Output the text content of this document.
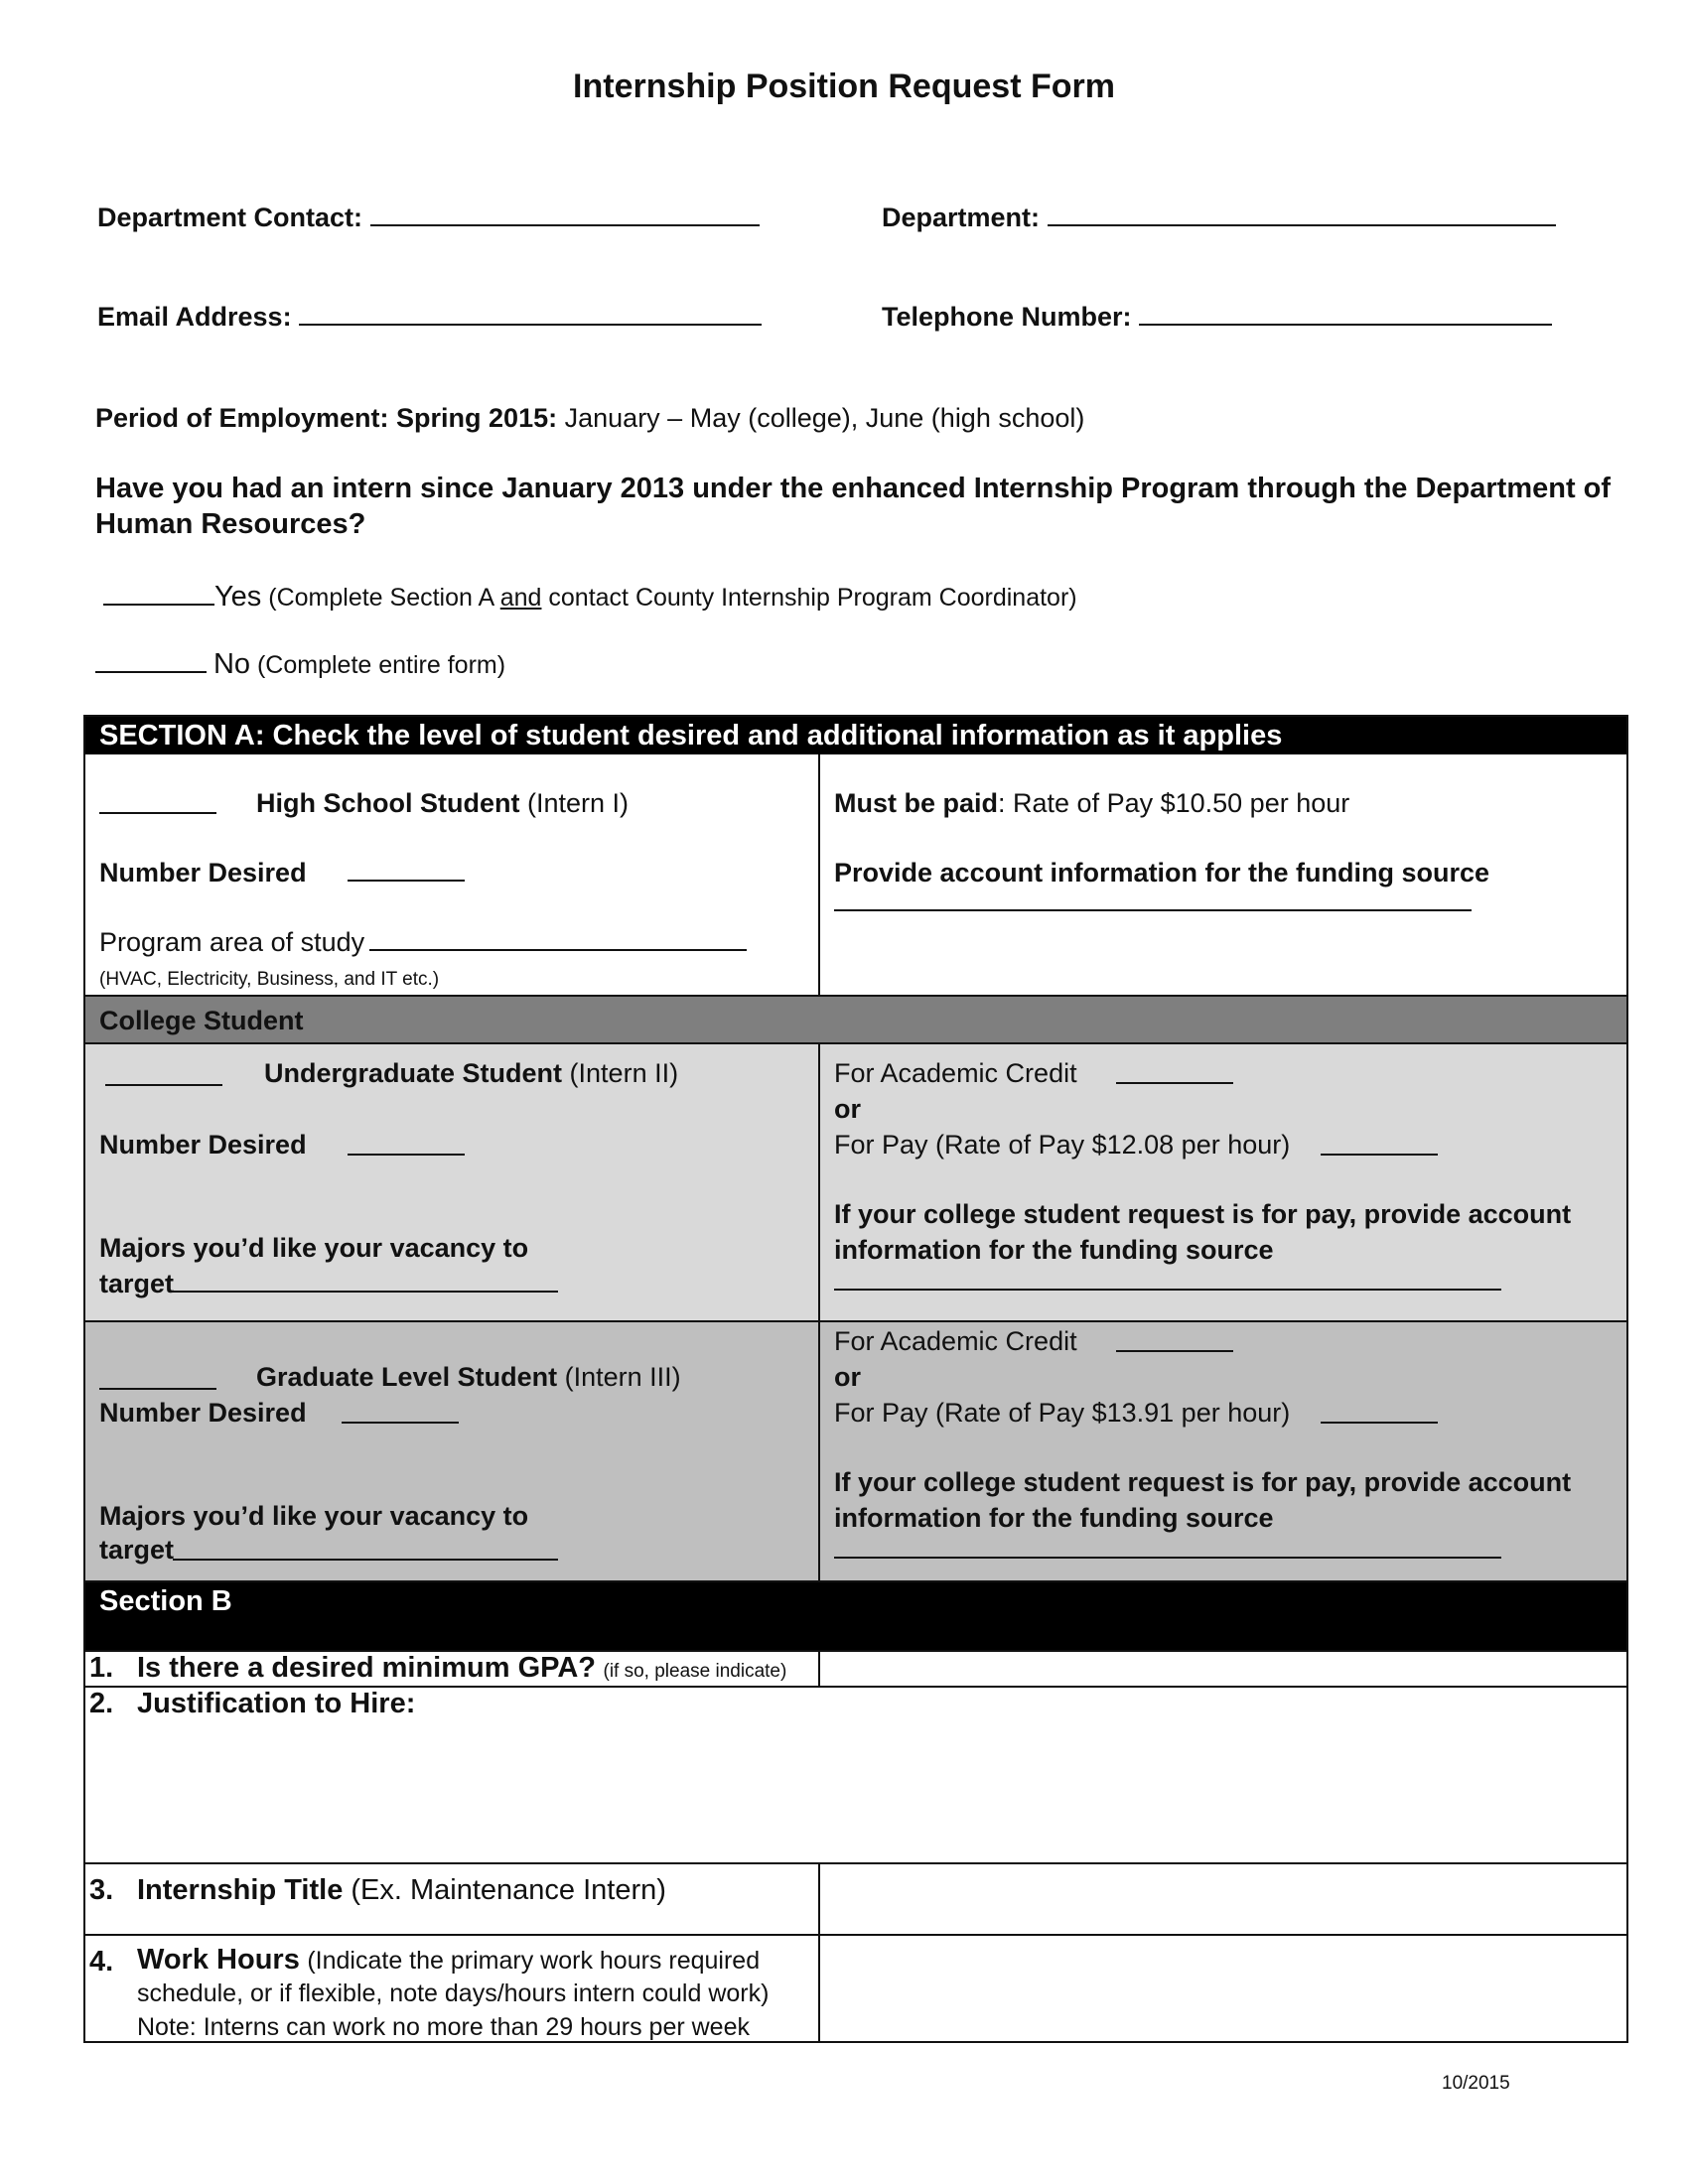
Internship Position Request Form
Department Contact:	Department:
Email Address:	Telephone Number:
Period of Employment: Spring 2015: January – May (college), June (high school)
Have you had an intern since January 2013 under the enhanced Internship Program through the Department of Human Resources?
Yes (Complete Section A and contact County Internship Program Coordinator)
No (Complete entire form)
SECTION A: Check the level of student desired and additional information as it applies
High School Student (Intern I)
Number Desired
Program area of study
(HVAC, Electricity, Business, and IT etc.)
Must be paid: Rate of Pay $10.50 per hour
Provide account information for the funding source
College Student
Undergraduate Student (Intern II)
Number Desired
Majors you’d like your vacancy to
target
For Academic Credit
or
For Pay (Rate of Pay $12.08 per hour)
If your college student request is for pay, provide account
information for the funding source
Graduate Level Student (Intern III)
Number Desired
Majors you’d like your vacancy to
target
For Academic Credit
or
For Pay (Rate of Pay $13.91 per hour)
If your college student request is for pay, provide account
information for the funding source
Section B
1. Is there a desired minimum GPA? (if so, please indicate)
2. Justification to Hire:
3. Internship Title (Ex. Maintenance Intern)
4. Work Hours (Indicate the primary work hours required
schedule, or if flexible, note days/hours intern could work)
Note: Interns can work no more than 29 hours per week
10/2015
